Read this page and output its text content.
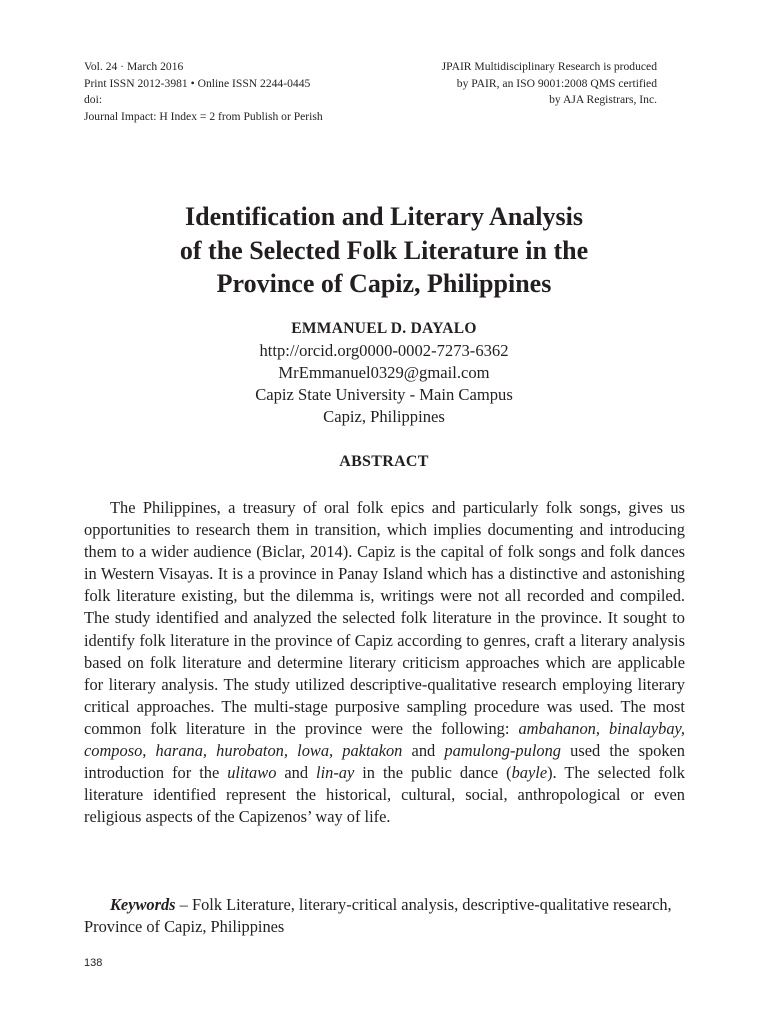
Vol. 24 · March 2016
Print ISSN 2012-3981 • Online ISSN 2244-0445
doi:
Journal Impact: H Index = 2 from Publish or Perish
JPAIR Multidisciplinary Research is produced
by PAIR, an ISO 9001:2008 QMS certified
by AJA Registrars, Inc.
Identification and Literary Analysis
of the Selected Folk Literature in the
Province of Capiz, Philippines
EMMANUEL D. DAYALO
http://orcid.org0000-0002-7273-6362
MrEmmanuel0329@gmail.com
Capiz State University - Main Campus
Capiz, Philippines
ABSTRACT

The Philippines, a treasury of oral folk epics and particularly folk songs, gives us opportunities to research them in transition, which implies documenting and introducing them to a wider audience (Biclar, 2014). Capiz is the capital of folk songs and folk dances in Western Visayas. It is a province in Panay Island which has a distinctive and astonishing folk literature existing, but the dilemma is, writings were not all recorded and compiled. The study identified and analyzed the selected folk literature in the province. It sought to identify folk literature in the province of Capiz according to genres, craft a literary analysis based on folk literature and determine literary criticism approaches which are applicable for literary analysis. The study utilized descriptive-qualitative research employing literary critical approaches. The multi-stage purposive sampling procedure was used. The most common folk literature in the province were the following: ambahanon, binalaybay, composo, harana, hurobaton, lowa, paktakon and pamulong-pulong used the spoken introduction for the ulitawo and lin-ay in the public dance (bayle). The selected folk literature identified represent the historical, cultural, social, anthropological or even religious aspects of the Capizenos’ way of life.

Keywords – Folk Literature, literary-critical analysis, descriptive-qualitative research, Province of Capiz, Philippines

138
